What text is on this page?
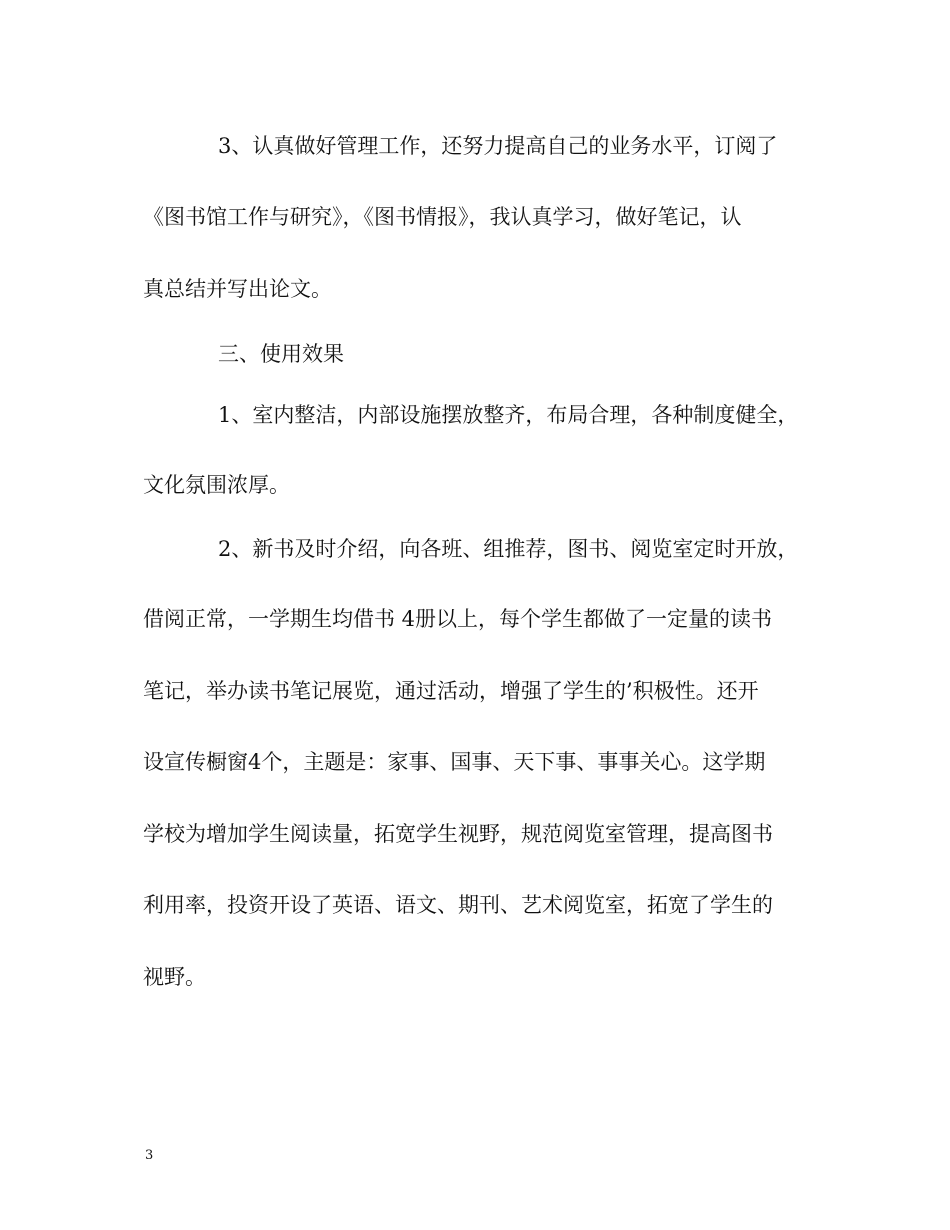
3、认真做好管理工作，还努力提高自己的业务水平，订阅了
《图书馆工作与研究》，《图书情报》，我认真学习，做好笔记，认
真总结并写出论文。
三、使用效果
1、室内整洁，内部设施摆放整齐，布局合理，各种制度健全，
文化氛围浓厚。
2、新书及时介绍，向各班、组推荐，图书、阅览室定时开放，
借阅正常，一学期生均借书 4册以上，每个学生都做了一定量的读书
笔记，举办读书笔记展览，通过活动，增强了学生的’积极性。还开
设宣传橱窗4个，主题是：家事、国事、天下事、事事关心。这学期
学校为增加学生阅读量，拓宽学生视野，规范阅览室管理，提高图书
利用率，投资开设了英语、语文、期刊、艺术阅览室，拓宽了学生的
视野。
3
